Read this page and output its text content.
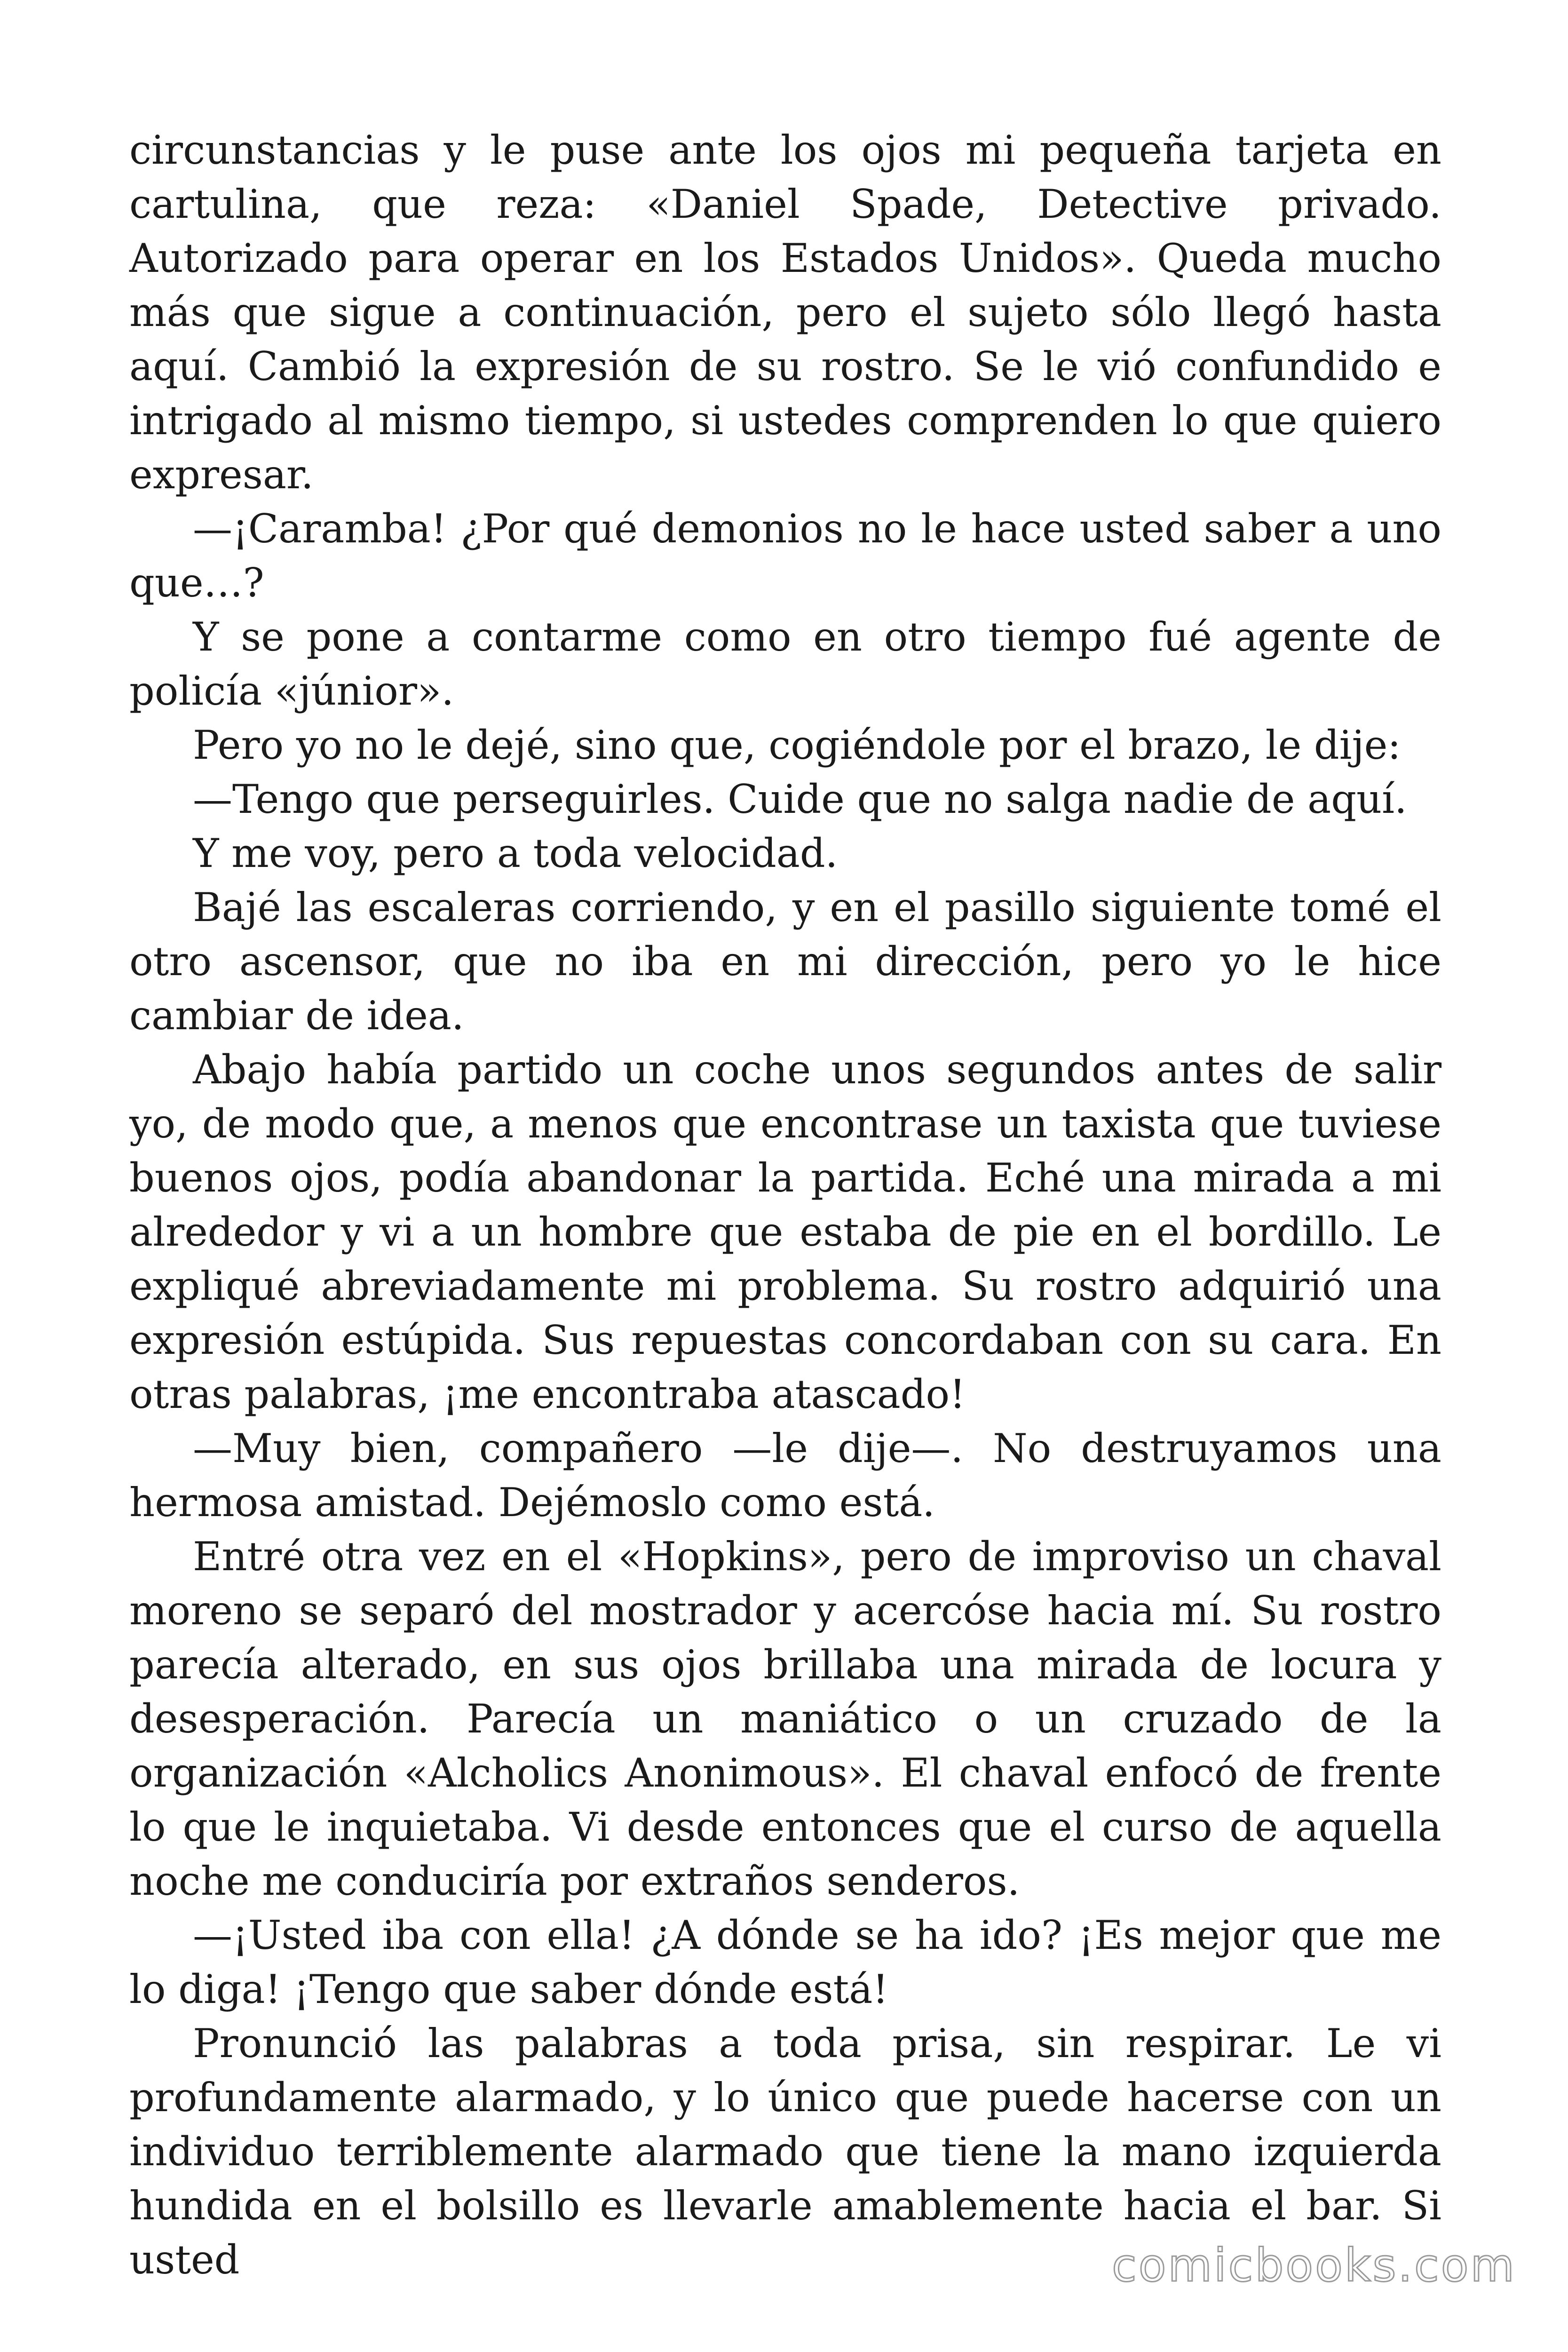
circunstancias y le puse ante los ojos mi pequeña tarjeta en cartulina, que reza: «Daniel Spade, Detective privado. Autorizado para operar en los Estados Unidos». Queda mucho más que sigue a continuación, pero el sujeto sólo llegó hasta aquí. Cambió la expresión de su rostro. Se le vió confundido e intrigado al mismo tiempo, si ustedes comprenden lo que quiero expresar.

—¡Caramba! ¿Por qué demonios no le hace usted saber a uno que…?

Y se pone a contarme como en otro tiempo fué agente de policía «júnior».

Pero yo no le dejé, sino que, cogiéndole por el brazo, le dije:

—Tengo que perseguirles. Cuide que no salga nadie de aquí.

Y me voy, pero a toda velocidad.

Bajé las escaleras corriendo, y en el pasillo siguiente tomé el otro ascensor, que no iba en mi dirección, pero yo le hice cambiar de idea.

Abajo había partido un coche unos segundos antes de salir yo, de modo que, a menos que encontrase un taxista que tuviese buenos ojos, podía abandonar la partida. Eché una mirada a mi alrededor y vi a un hombre que estaba de pie en el bordillo. Le expliqué abreviadamente mi problema. Su rostro adquirió una expresión estúpida. Sus repuestas concordaban con su cara. En otras palabras, ¡me encontraba atascado!

—Muy bien, compañero —le dije—. No destruyamos una hermosa amistad. Dejémoslo como está.

Entré otra vez en el «Hopkins», pero de improviso un chaval moreno se separó del mostrador y acercóse hacia mí. Su rostro parecía alterado, en sus ojos brillaba una mirada de locura y desesperación. Parecía un maniático o un cruzado de la organización «Alcholics Anonimous». El chaval enfocó de frente lo que le inquietaba. Vi desde entonces que el curso de aquella noche me conduciría por extraños senderos.

—¡Usted iba con ella! ¿A dónde se ha ido? ¡Es mejor que me lo diga! ¡Tengo que saber dónde está!

Pronunció las palabras a toda prisa, sin respirar. Le vi profundamente alarmado, y lo único que puede hacerse con un individuo terriblemente alarmado que tiene la mano izquierda hundida en el bolsillo es llevarle amablemente hacia el bar. Si usted	comicbooks.com
